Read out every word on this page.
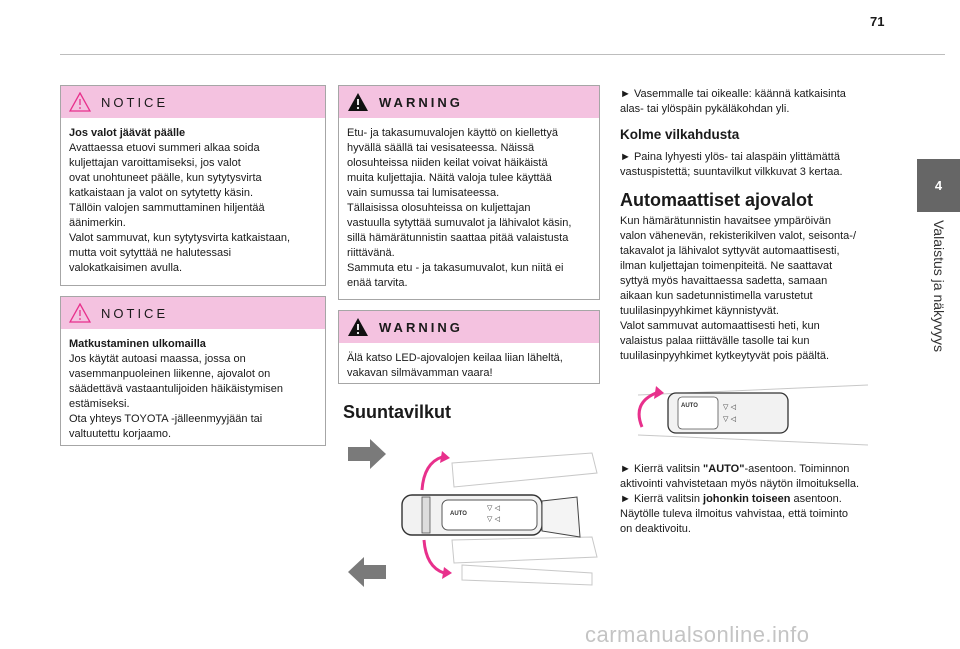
71
4
Valaistus ja näkyvyys
NOTICE
Jos valot jäävät päälle
Avattaessa etuovi summeri alkaa soida
kuljettajan varoittamiseksi, jos valot
ovat unohtuneet päälle, kun sytytysvirta
katkaistaan ja valot on sytytetty käsin.
Tällöin valojen sammuttaminen hiljentää
äänimerkin.
Valot sammuvat, kun sytytysvirta katkaistaan,
mutta voit sytyttää ne halutessasi
valokatkaisimen avulla.
NOTICE
Matkustaminen ulkomailla
Jos käytät autoasi maassa, jossa on
vasemmanpuoleinen liikenne, ajovalot on
säädettävä vastaantulijoiden häikäistymisen
estämiseksi.
Ota yhteys TOYOTA -jälleenmyyjään tai
valtuutettu korjaamo.
WARNING
Etu- ja takasumuvalojen käyttö on kiellettyä
hyvällä säällä tai vesisateessa. Näissä
olosuhteissa niiden keilat voivat häikäistä
muita kuljettajia. Näitä valoja tulee käyttää
vain sumussa tai lumisateessa.
Tällaisissa olosuhteissa on kuljettajan
vastuulla sytyttää sumuvalot ja lähivalot käsin,
sillä hämärätunnistin saattaa pitää valaistusta
riittävänä.
Sammuta etu - ja takasumuvalot, kun niitä ei
enää tarvita.
WARNING
Älä katso LED-ajovalojen keilaa liian läheltä,
vakavan silmävamman vaara!
Suuntavilkut
AUTO
▽ ◁
▽ ◁
► Vasemmalle tai oikealle: käännä katkaisinta
alas- tai ylöspäin pykäläkohdan yli.
Kolme vilkahdusta
► Paina lyhyesti ylös- tai alaspäin ylittämättä
vastuspistettä; suuntavilkut vilkkuvat 3 kertaa.
Automaattiset ajovalot
Kun hämärätunnistin havaitsee ympäröivän
valon vähenevän, rekisterikilven valot, seisonta-/
takavalot ja lähivalot syttyvät automaattisesti,
ilman kuljettajan toimenpiteitä. Ne saattavat
syttyä myös havaittaessa sadetta, samaan
aikaan kun sadetunnistimella varustetut
tuulilasinpyyhkimet käynnistyvät.
Valot sammuvat automaattisesti heti, kun
valaistus palaa riittävälle tasolle tai kun
tuulilasinpyyhkimet kytkeytyvät pois päältä.
AUTO	▽ ◁
▽ ◁
► Kierrä valitsin "AUTO"-asentoon. Toiminnon
aktivointi vahvistetaan myös näytön ilmoituksella.
► Kierrä valitsin johonkin toiseen asentoon.
Näytölle tuleva ilmoitus vahvistaa, että toiminto
on deaktivoitu.
carmanualsonline.info
